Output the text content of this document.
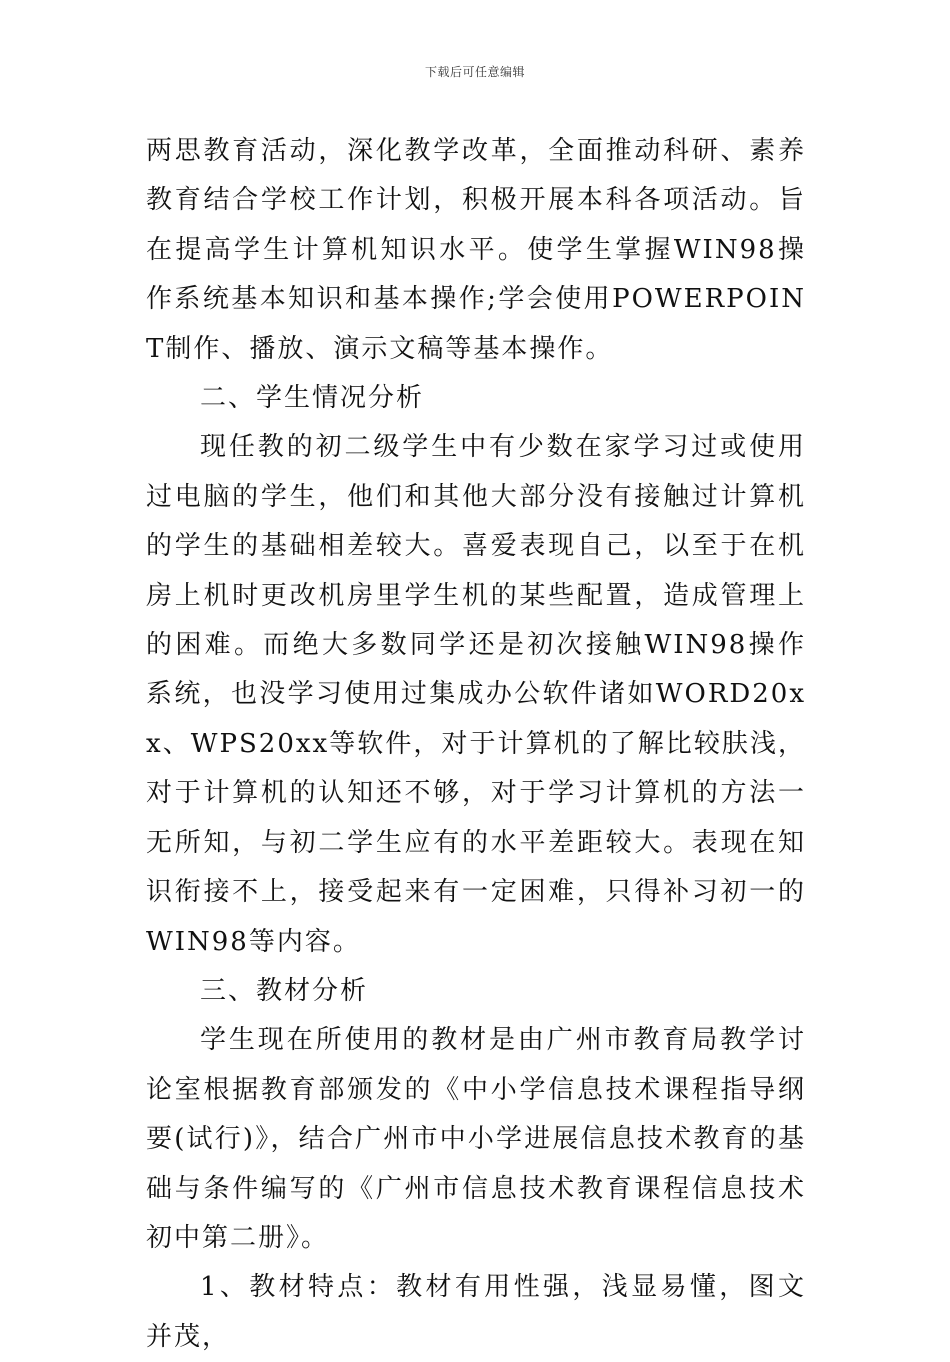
下载后可任意编辑

两思教育活动，深化教学改革，全面推动科研、素养教育结合学校工作计划，积极开展本科各项活动。旨在提高学生计算机知识水平。使学生掌握WIN98操作系统基本知识和基本操作;学会使用POWERPOINT制作、播放、演示文稿等基本操作。

二、学生情况分析

现任教的初二级学生中有少数在家学习过或使用过电脑的学生，他们和其他大部分没有接触过计算机的学生的基础相差较大。喜爱表现自己，以至于在机房上机时更改机房里学生机的某些配置，造成管理上的困难。而绝大多数同学还是初次接触WIN98操作系统，也没学习使用过集成办公软件诸如WORD20xx、WPS20xx等软件，对于计算机的了解比较肤浅，对于计算机的认知还不够，对于学习计算机的方法一无所知，与初二学生应有的水平差距较大。表现在知识衔接不上，接受起来有一定困难，只得补习初一的WIN98等内容。

三、教材分析

学生现在所使用的教材是由广州市教育局教学讨论室根据教育部颁发的《中小学信息技术课程指导纲要(试行)》，结合广州市中小学进展信息技术教育的基础与条件编写的《广州市信息技术教育课程信息技术初中第二册》。

1、教材特点：教材有用性强，浅显易懂，图文并茂，
